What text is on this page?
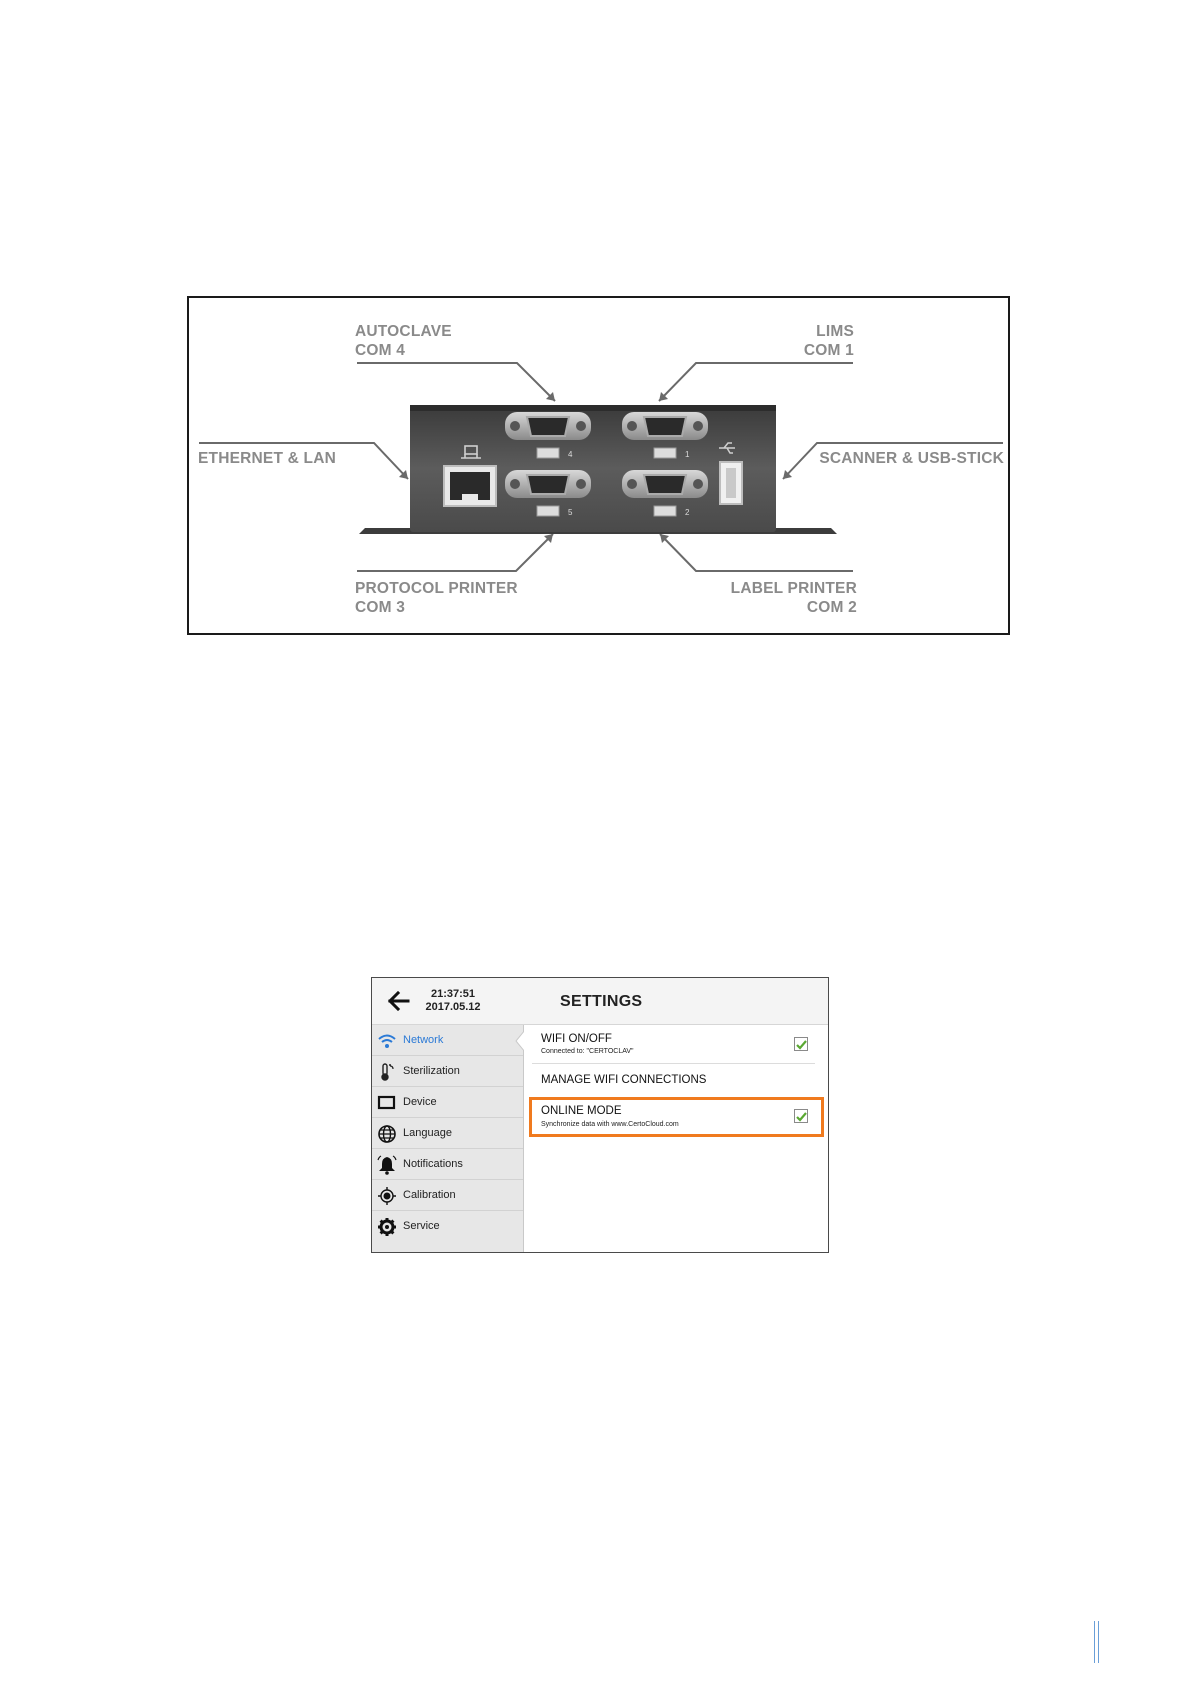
4	1
5	2
AUTOCLAVE
COM 4
LIMS
COM 1
ETHERNET & LAN	SCANNER & USB-STICK
PROTOCOL PRINTER
COM 3
LABEL PRINTER
COM 2
21:37:51
2017.05.12	SETTINGS
Network
Sterilization
Device
Language
Notifications
Calibration
Service
WIFI ON/OFF
Connected to: "CERTOCLAV"
MANAGE WIFI CONNECTIONS
ONLINE MODE
Synchronize data with www.CertoCloud.com
